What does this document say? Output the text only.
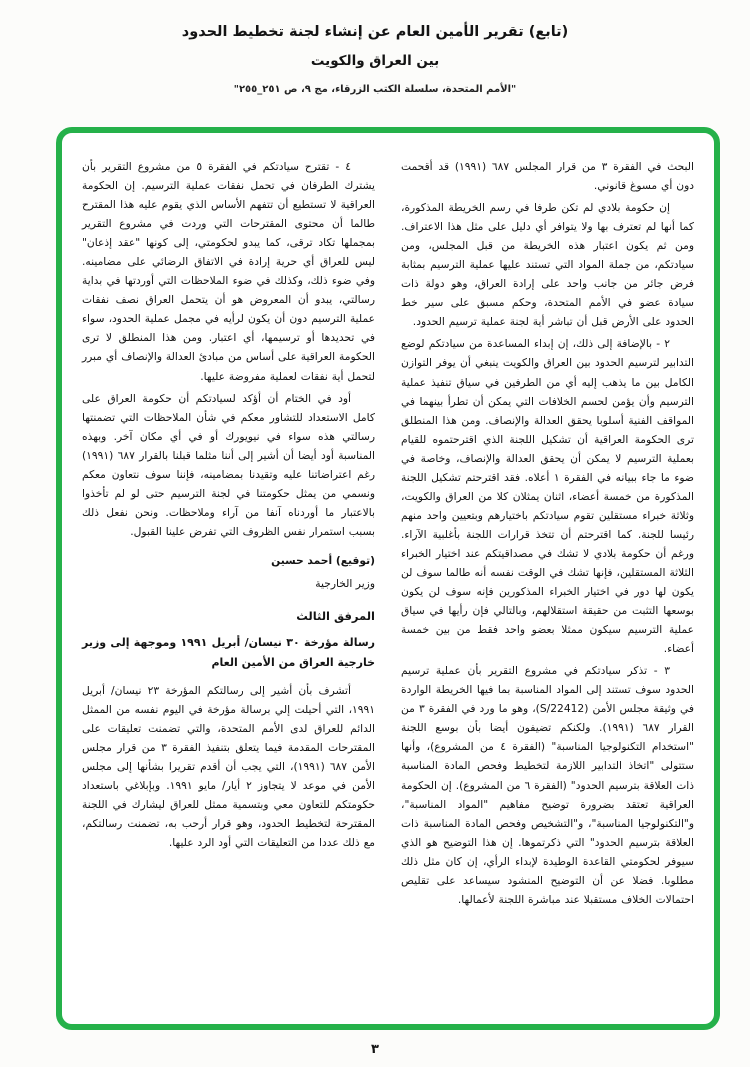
(تابع) تقرير الأمين العام عن إنشاء لجنة تخطيط الحدود
بين العراق والكويت
"الأمم المتحدة، سلسلة الكتب الزرقاء، مج ٩، ص ٢٥١_٢٥٥"

البحث في الفقرة ٣ من قرار المجلس ٦٨٧ (١٩٩١) قد أقحمت دون أي مسوغ قانوني.

إن حكومة بلادي لم تكن طرفا في رسم الخريطة المذكورة، كما أنها لم تعترف بها ولا يتوافر أي دليل على مثل هذا الاعتراف. ومن ثم يكون اعتبار هذه الخريطة من قبل المجلس، ومن سيادتكم، من جملة المواد التي تستند عليها عملية الترسيم بمثابة فرض جائر من جانب واحد على إرادة العراق، وهو دولة ذات سيادة عضو في الأمم المتحدة، وحكم مسبق على سير خط الحدود على الأرض قبل أن تباشر أية لجنة عملية ترسيم الحدود.

٢ - بالإضافة إلى ذلك، إن إبداء المساعدة من سيادتكم لوضع التدابير لترسيم الحدود بين العراق والكويت ينبغي أن يوفر التوازن الكامل بين ما يذهب إليه أي من الطرفين في سياق تنفيذ عملية الترسيم وأن يؤمن لحسم الخلافات التي يمكن أن تطرأ بينهما في المواقف الفنية أسلوبا يحقق العدالة والإنصاف. ومن هذا المنطلق ترى الحكومة العراقية أن تشكيل اللجنة الذي اقترحتموه للقيام بعملية الترسيم لا يمكن أن يحقق العدالة والإنصاف، وخاصة في ضوء ما جاء ببيانه في الفقرة ١ أعلاه. فقد اقترحتم تشكيل اللجنة المذكورة من خمسة أعضاء، اثنان يمثلان كلا من العراق والكويت، وثلاثة خبراء مستقلين تقوم سيادتكم باختيارهم وبتعيين واحد منهم رئيسا للجنة. كما اقترحتم أن تتخذ قرارات اللجنة بأغلبية الآراء. ورغم أن حكومة بلادي لا تشك في مصداقيتكم عند اختيار الخبراء الثلاثة المستقلين، فإنها تشك في الوقت نفسه أنه طالما سوف لن يكون لها دور في اختيار الخبراء المذكورين فإنه سوف لن يكون بوسعها التثبت من حقيقة استقلالهم، وبالتالي فإن رأيها في سياق عملية الترسيم سيكون ممثلا بعضو واحد فقط من بين خمسة أعضاء.

٣ - تذكر سيادتكم في مشروع التقرير بأن عملية ترسيم الحدود سوف تستند إلى المواد المناسبة بما فيها الخريطة الواردة في وثيقة مجلس الأمن (S/22412)، وهو ما ورد في الفقرة ٣ من القرار ٦٨٧ (١٩٩١). ولكنكم تضيفون أيضا بأن بوسع اللجنة "استخدام التكنولوجيا المناسبة" (الفقرة ٤ من المشروع)، وأنها ستتولى "اتخاذ التدابير اللازمة لتخطيط وفحص المادة المناسبة ذات العلاقة بترسيم الحدود" (الفقرة ٦ من المشروع). إن الحكومة العراقية تعتقد بضرورة توضيح مفاهيم "المواد المناسبة"، و"التكنولوجيا المناسبة"، و"التشخيص وفحص المادة المناسبة ذات العلاقة بترسيم الحدود" التي ذكرتموها. إن هذا التوضيح هو الذي سيوفر لحكومتي القاعدة الوطيدة لإبداء الرأي، إن كان مثل ذلك مطلوبا. فضلا عن أن التوضيح المنشود سيساعد على تقليص احتمالات الخلاف مستقبلا عند مباشرة اللجنة لأعمالها.

٤ - تقترح سيادتكم في الفقرة ٥ من مشروع التقرير بأن يشترك الطرفان في تحمل نفقات عملية الترسيم. إن الحكومة العراقية لا تستطيع أن تتفهم الأساس الذي يقوم عليه هذا المقترح طالما أن محتوى المقترحات التي وردت في مشروع التقرير بمجملها تكاد ترقى، كما يبدو لحكومتي، إلى كونها "عقد إذعان" ليس للعراق أي حرية إرادة في الاتفاق الرضائي على مضامينه. وفي ضوء ذلك، وكذلك في ضوء الملاحظات التي أوردتها في بداية رسالتي، يبدو أن المعروض هو أن يتحمل العراق نصف نفقات عملية الترسيم دون أن يكون لرأيه في مجمل عملية الحدود، سواء في تحديدها أو ترسيمها، أي اعتبار. ومن هذا المنطلق لا ترى الحكومة العراقية على أساس من مبادئ العدالة والإنصاف أي مبرر لتحمل أية نفقات لعملية مفروضة عليها.

أود في الختام أن أؤكد لسيادتكم أن حكومة العراق على كامل الاستعداد للتشاور معكم في شأن الملاحظات التي تضمنتها رسالتي هذه سواء في نيويورك أو في أي مكان آخر. وبهذه المناسبة أود أيضا أن أشير إلى أننا مثلما قبلنا بالقرار ٦٨٧ (١٩٩١) رغم اعتراضاتنا عليه وتقيدنا بمضامينه، فإننا سوف نتعاون معكم ونسمي من يمثل حكومتنا في لجنة الترسيم حتى لو لم تأخذوا بالاعتبار ما أوردناه آنفا من آراء وملاحظات. ونحن نفعل ذلك بسبب استمرار نفس الظروف التي تفرض علينا القبول.

(توقيع) أحمد حسين

وزير الخارجية

المرفق الثالث
رسالة مؤرخة ٣٠ نيسان/ أبريل ١٩٩١ وموجهة إلى وزير خارجية العراق من الأمين العام

أتشرف بأن أشير إلى رسالتكم المؤرخة ٢٣ نيسان/ أبريل ١٩٩١، التي أحيلت إلي برسالة مؤرخة في اليوم نفسه من الممثل الدائم للعراق لدى الأمم المتحدة، والتي تضمنت تعليقات على المقترحات المقدمة فيما يتعلق بتنفيذ الفقرة ٣ من قرار مجلس الأمن ٦٨٧ (١٩٩١)، التي يجب أن أقدم تقريرا بشأنها إلى مجلس الأمن في موعد لا يتجاوز ٢ أيار/ مايو ١٩٩١. وبإبلاغي باستعداد حكومتكم للتعاون معي وبتسمية ممثل للعراق ليشارك في اللجنة المقترحة لتخطيط الحدود، وهو قرار أرحب به، تضمنت رسالتكم، مع ذلك عددا من التعليقات التي أود الرد عليها.

٣
